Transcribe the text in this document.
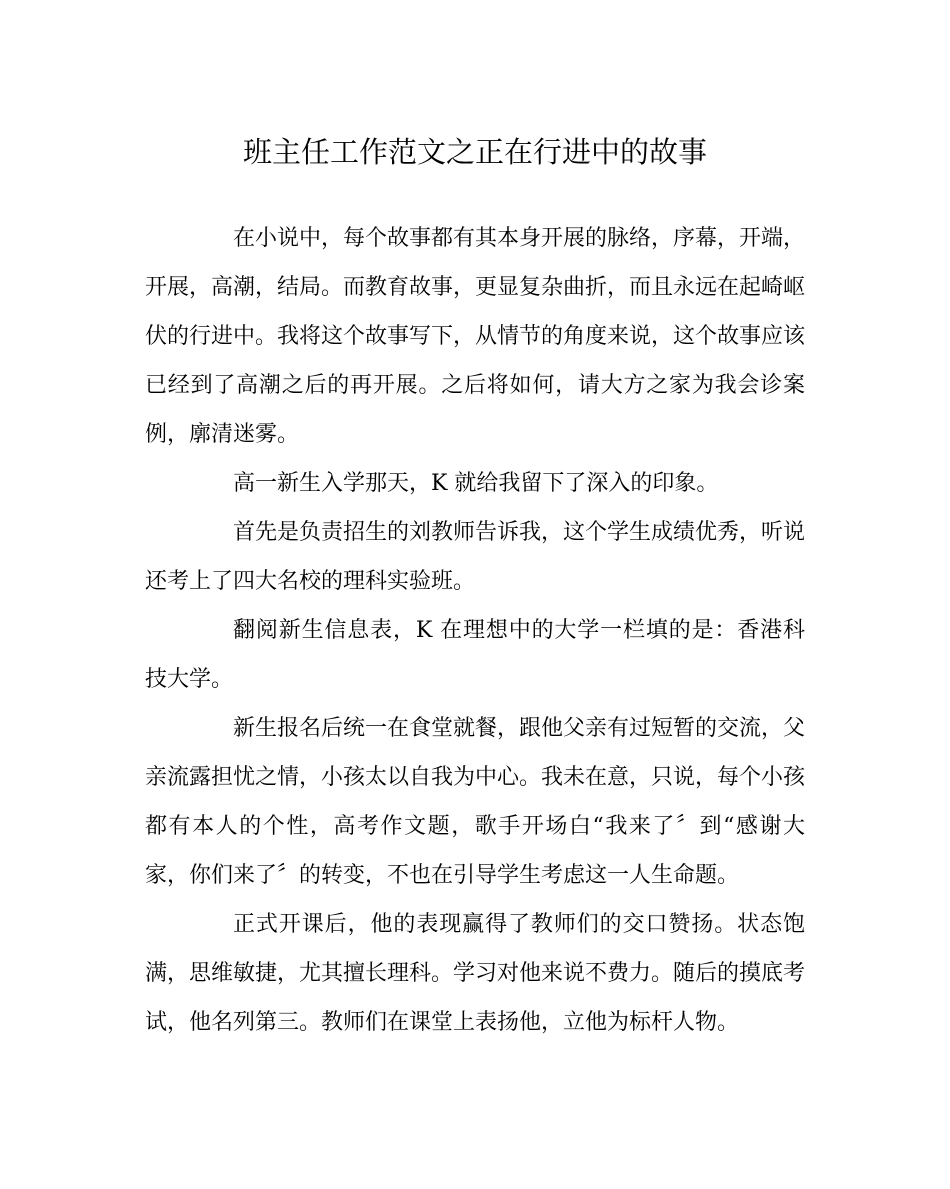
班主任工作范文之正在行进中的故事

在小说中，每个故事都有其本身开展的脉络，序幕，开端，开展，高潮，结局。而教育故事，更显复杂曲折，而且永远在起崎岖伏的行进中。我将这个故事写下，从情节的角度来说，这个故事应该已经到了高潮之后的再开展。之后将如何，请大方之家为我会诊案例，廓清迷雾。

高一新生入学那天，K 就给我留下了深入的印象。

首先是负责招生的刘教师告诉我，这个学生成绩优秀，听说还考上了四大名校的理科实验班。

翻阅新生信息表，K 在理想中的大学一栏填的是：香港科技大学。

新生报名后统一在食堂就餐，跟他父亲有过短暂的交流，父亲流露担忧之情，小孩太以自我为中心。我未在意，只说，每个小孩都有本人的个性，高考作文题，歌手开场白“我来了〞到“感谢大家，你们来了〞的转变，不也在引导学生考虑这一人生命题。

正式开课后，他的表现赢得了教师们的交口赞扬。状态饱满，思维敏捷，尤其擅长理科。学习对他来说不费力。随后的摸底考试，他名列第三。教师们在课堂上表扬他，立他为标杆人物。
